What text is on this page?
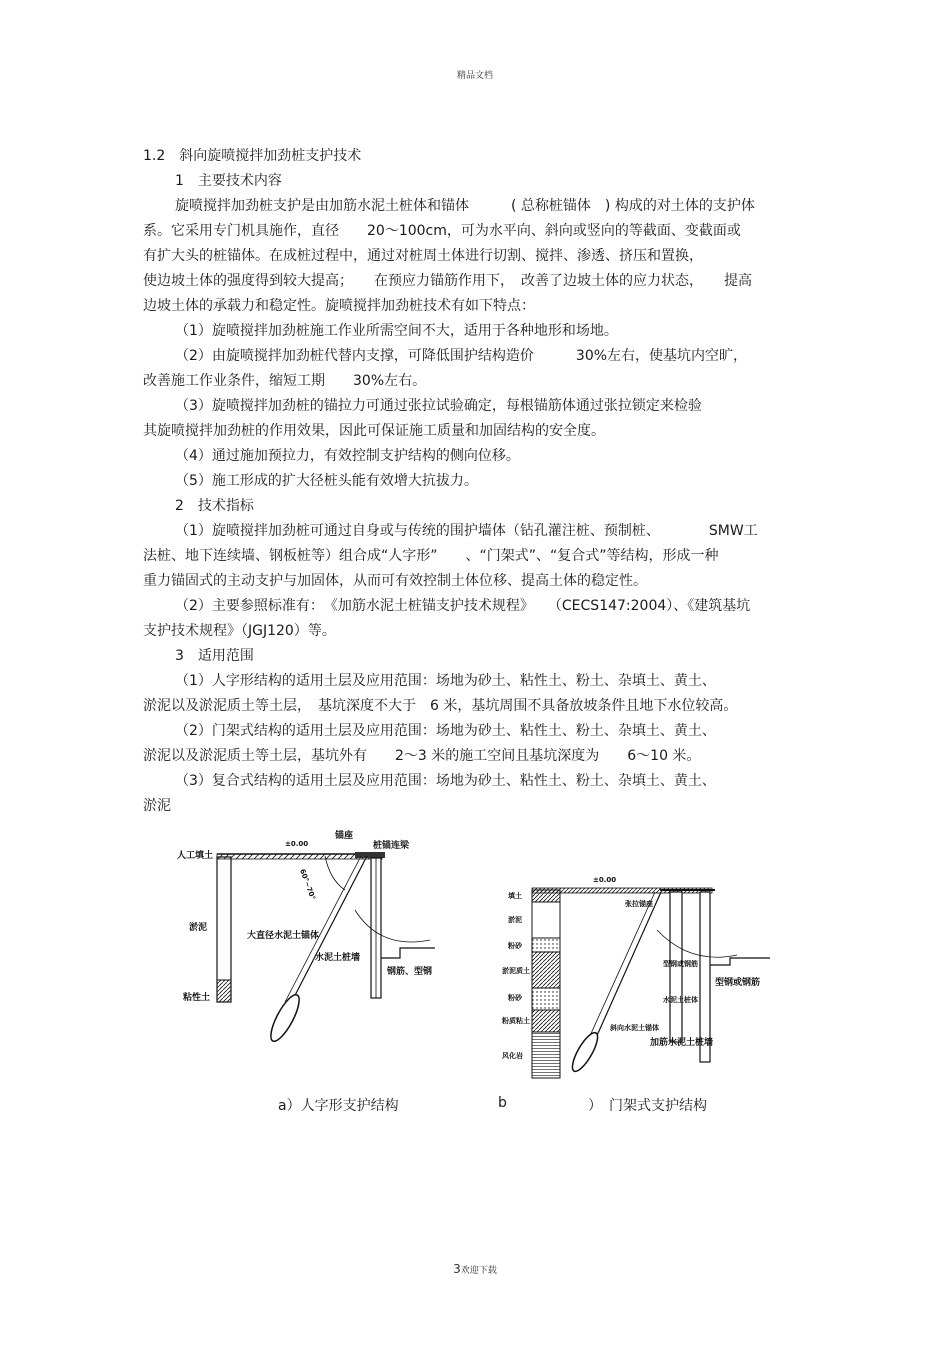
精品文档
1.2　斜向旋喷搅拌加劲桩支护技术
1　主要技术内容
旋喷搅拌加劲桩支护是由加筋水泥土桩体和锚体　　　( 总称桩锚体　) 构成的对土体的支护体
系。它采用专门机具施作，直径　　20～100cm，可为水平向、斜向或竖向的等截面、变截面或
有扩大头的桩锚体。在成桩过程中，通过对桩周土体进行切割、搅拌、渗透、挤压和置换，
使边坡土体的强度得到较大提高；　　在预应力锚筋作用下，　改善了边坡土体的应力状态，　　提高
边坡土体的承载力和稳定性。旋喷搅拌加劲桩技术有如下特点：
（1）旋喷搅拌加劲桩施工作业所需空间不大，适用于各种地形和场地。
（2）由旋喷搅拌加劲桩代替内支撑，可降低围护结构造价　　　30%左右，使基坑内空旷，
改善施工作业条件，缩短工期　　30%左右。
（3）旋喷搅拌加劲桩的锚拉力可通过张拉试验确定，每根锚筋体通过张拉锁定来检验
其旋喷搅拌加劲桩的作用效果，因此可保证施工质量和加固结构的安全度。
（4）通过施加预拉力，有效控制支护结构的侧向位移。
（5）施工形成的扩大径桩头能有效增大抗拔力。
2　技术指标
（1）旋喷搅拌加劲桩可通过自身或与传统的围护墙体（钻孔灌注桩、预制桩、　　　　SMW工
法桩、地下连续墙、钢板桩等）组合成“人字形”　　、“门架式”、“复合式”等结构，形成一种
重力锚固式的主动支护与加固体，从而可有效控制土体位移、提高土体的稳定性。
（2）主要参照标准有：　《加筋水泥土桩锚支护技术规程》　　（CECS147:2004）、《建筑基坑
支护技术规程》（JGJ120）等。
3　适用范围
（1）人字形结构的适用土层及应用范围：场地为砂土、粘性土、粉土、杂填土、黄土、
淤泥以及淤泥质土等土层，　基坑深度不大于　6 米，基坑周围不具备放坡条件且地下水位较高。
（2）门架式结构的适用土层及应用范围：场地为砂土、粘性土、粉土、杂填土、黄土、
淤泥以及淤泥质土等土层，基坑外有　　2～3 米的施工空间且基坑深度为　　6～10 米。
（3）复合式结构的适用土层及应用范围：场地为砂土、粘性土、粉土、杂填土、黄土、
淤泥
人工填土
淤泥
粘性土
±0.00
锚座
桩锚连梁
60°~70°
大直径水泥土锚体
水泥土桩墙
钢筋、型钢
填土
淤泥
粉砂
淤泥质土
粉砂
粉质粘土
风化岩
±0.00
张拉锚座
型钢或钢筋
水泥土桩体
斜向水泥土锚体
型钢或钢筋
加筋水泥土桩墙
a）人字形支护结构	b	）　门架式支护结构
3欢迎下载
